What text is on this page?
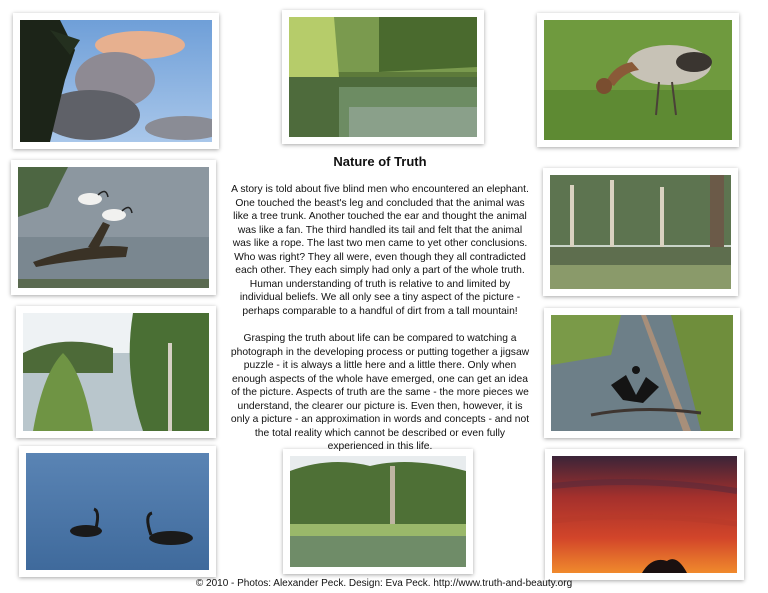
Nature of Truth

A story is told about five blind men who encountered an elephant. One touched the beast's leg and concluded that the animal was like a tree trunk. Another touched the ear and thought the animal was like a fan. The third handled its tail and felt that the animal was like a rope. The last two men came to yet other conclusions. Who was right? They all were, even though they all contradicted each other. They each simply had only a part of the whole truth. Human understanding of truth is relative to and limited by individual beliefs. We all only see a tiny aspect of the picture - perhaps comparable to a handful of dirt from a tall mountain!

Grasping the truth about life can be compared to watching a photograph in the developing process or putting together a jigsaw puzzle - it is always a little here and a little there. Only when enough aspects of the whole have emerged, one can get an idea of the picture. Aspects of truth are the same - the more pieces we understand, the clearer our picture is. Even then, however, it is only a picture - an approximation in words and concepts - and not the total reality which cannot be described or even fully experienced in this life.

© 2010 - Photos: Alexander Peck. Design: Eva Peck. http://www.truth-and-beauty.org
